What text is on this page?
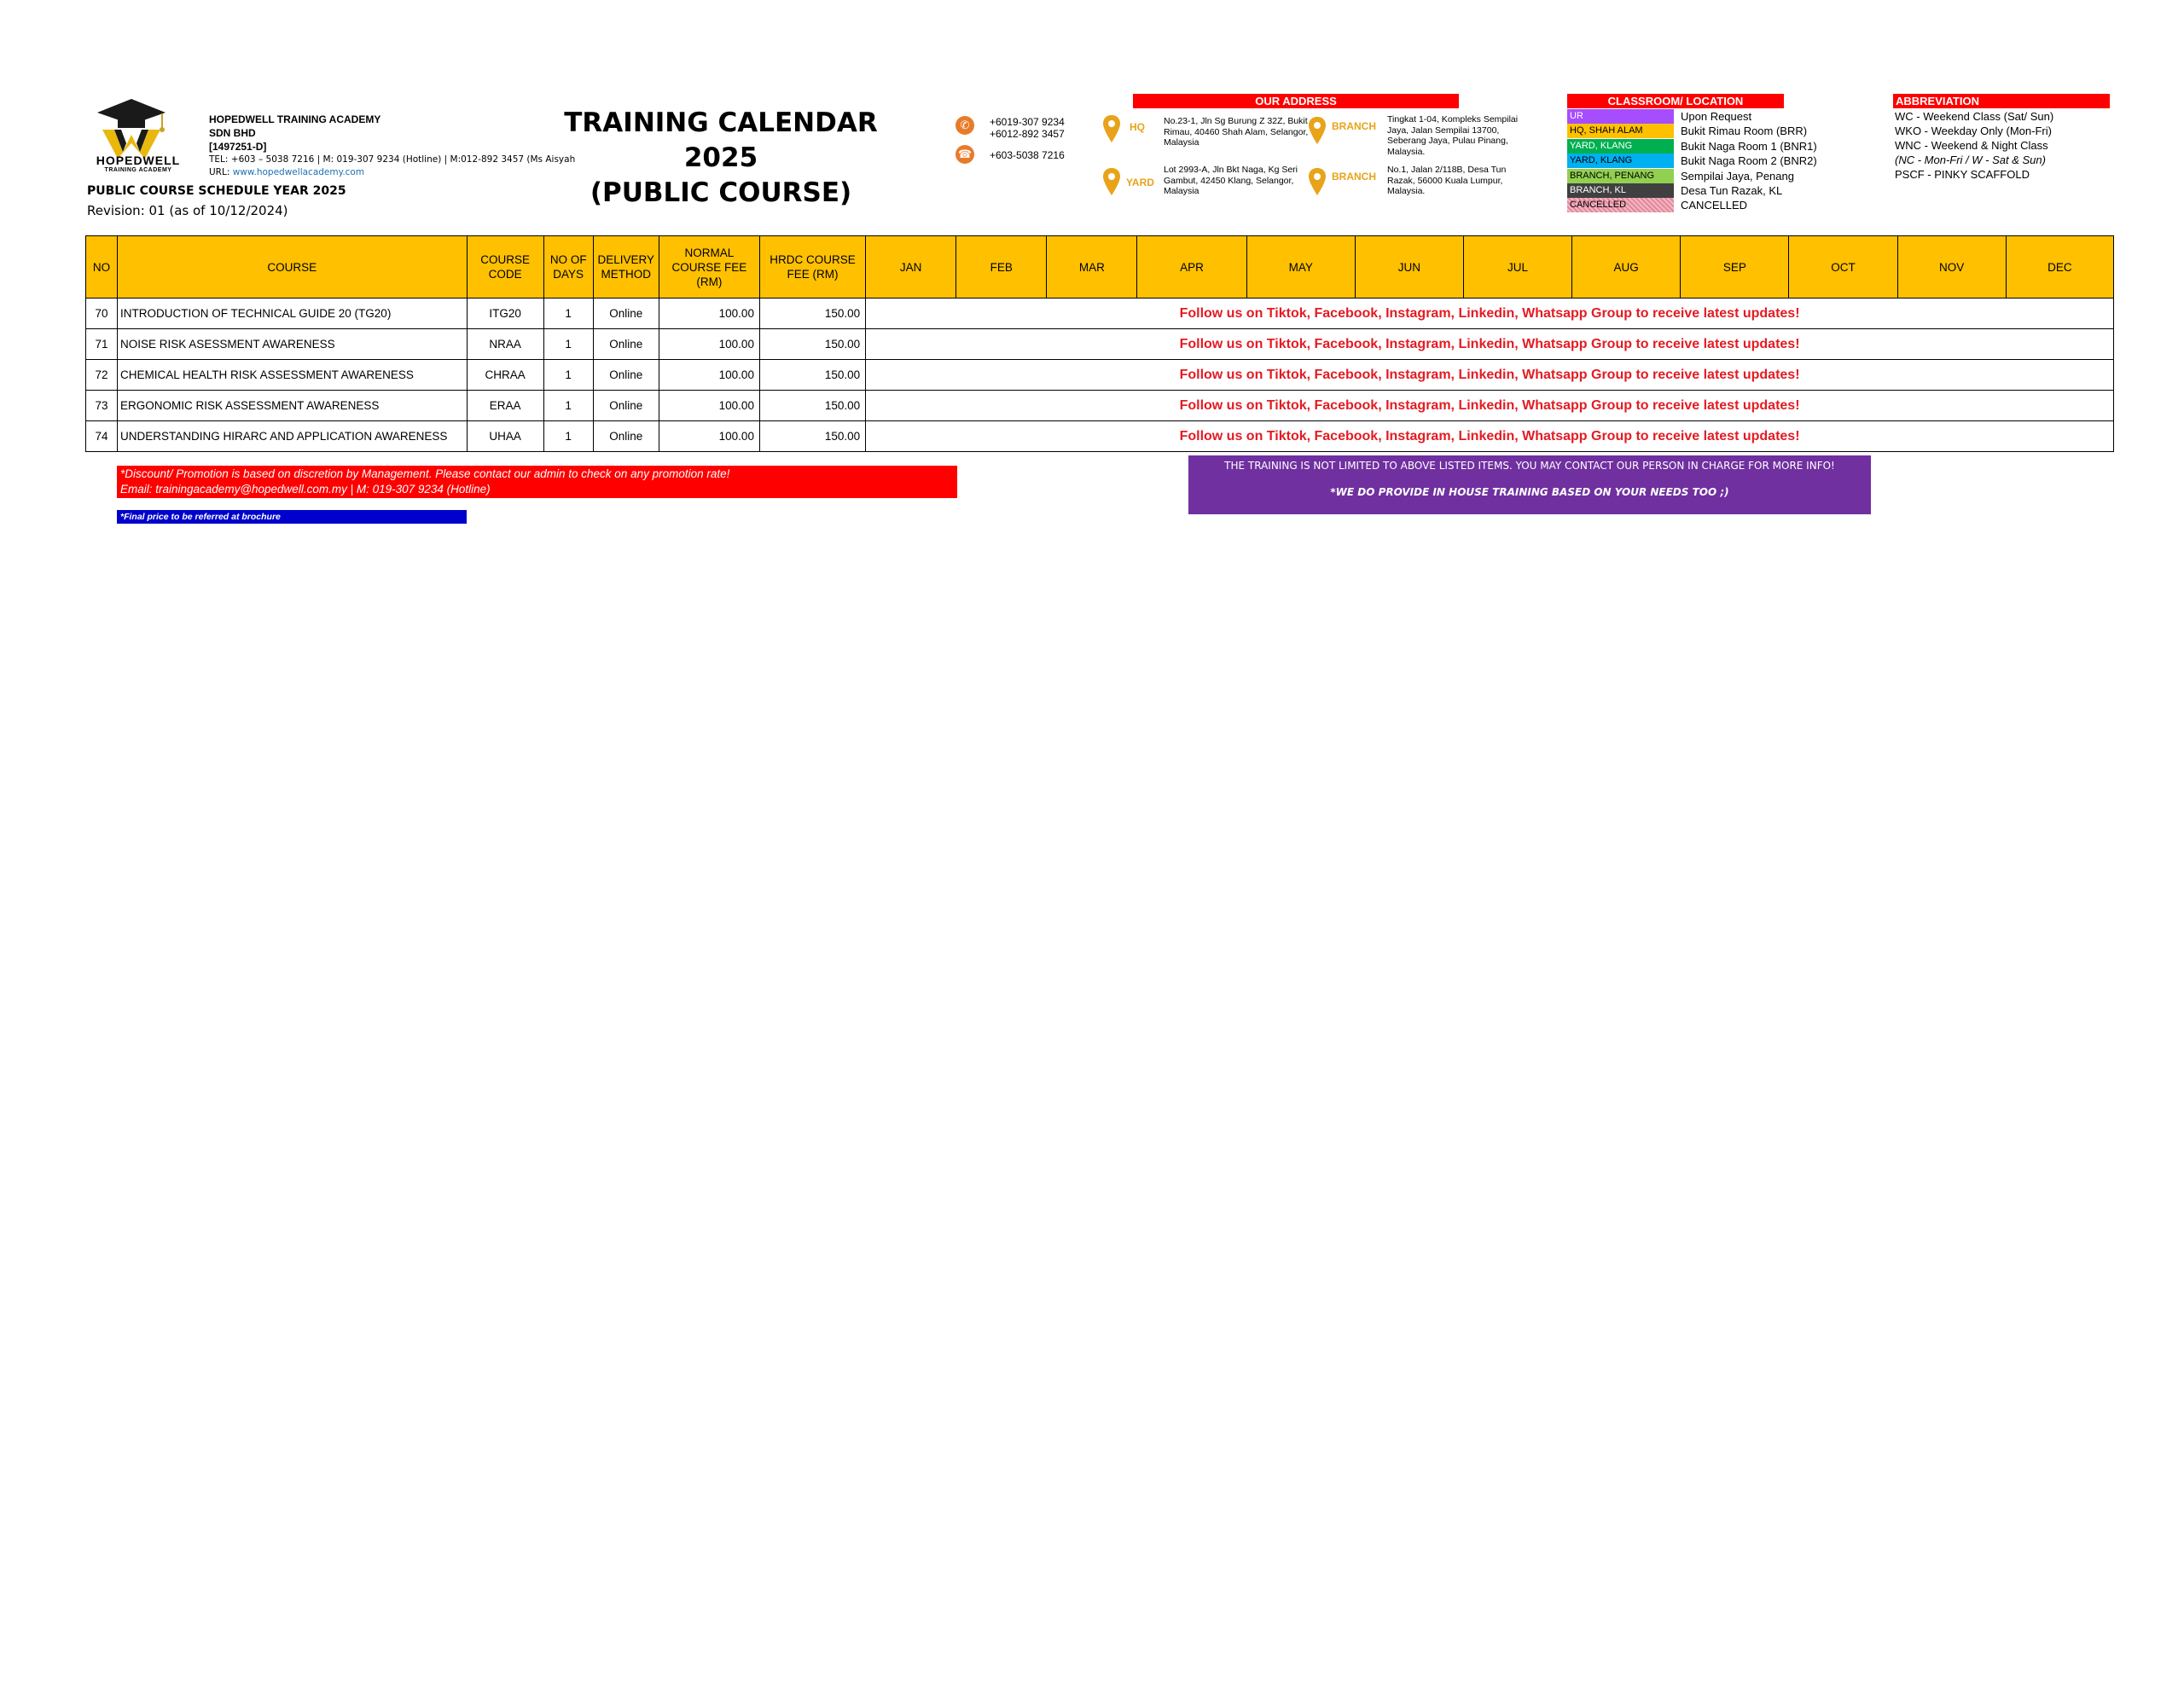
HOPEDWELL
TRAINING ACADEMY
HOPEDWELL TRAINING ACADEMY
SDN BHD
[1497251-D]
TEL: +603 – 5038 7216 | M: 019-307 9234 (Hotline) | M:012-892 3457 (Ms Aisyah
URL: www.hopedwellacademy.com
PUBLIC COURSE SCHEDULE YEAR 2025
Revision: 01 (as of 10/12/2024)
TRAINING CALENDAR
2025
(PUBLIC COURSE)
✆	+6019-307 9234
+6012-892 3457
☎ +603-5038 7216
OUR ADDRESS
HQ No.23-1, Jln Sg Burung Z 32Z, Bukit Rimau, 40460 Shah Alam, Selangor, Malaysia
YARD
Lot 2993-A, Jln Bkt Naga, Kg Seri Gambut, 42450 Klang, Selangor, Malaysia
BRANCH
Tingkat 1-04, Kompleks Sempilai Jaya, Jalan Sempilai 13700, Seberang Jaya, Pulau Pinang, Malaysia.
BRANCH
No.1, Jalan 2/118B, Desa Tun Razak, 56000 Kuala Lumpur, Malaysia.
CLASSROOM/ LOCATION
UR	Upon Request
HQ, SHAH ALAM	Bukit Rimau Room (BRR)
YARD, KLANG	Bukit Naga Room 1 (BNR1)
YARD, KLANG	Bukit Naga Room 2 (BNR2)
BRANCH, PENANG	Sempilai Jaya, Penang
BRANCH, KL	Desa Tun Razak, KL
CANCELLED	CANCELLED
ABBREVIATION
WC - Weekend Class (Sat/ Sun)
WKO - Weekday Only (Mon-Fri)
WNC - Weekend & Night Class
(NC - Mon-Fri / W - Sat & Sun)
PSCF - PINKY SCAFFOLD
NO	COURSE	COURSE CODE	NO OF DAYS	DELIVERY METHOD	NORMAL COURSE FEE (RM)	HRDC COURSE FEE (RM)	JAN	FEB	MAR	APR	MAY	JUN	JUL	AUG	SEP	OCT	NOV	DEC
70	INTRODUCTION OF TECHNICAL GUIDE 20 (TG20)	ITG20	1	Online	100.00	150.00	Follow us on Tiktok, Facebook, Instagram, Linkedin, Whatsapp Group to receive latest updates!											
71	NOISE RISK ASESSMENT AWARENESS	NRAA	1	Online	100.00	150.00	Follow us on Tiktok, Facebook, Instagram, Linkedin, Whatsapp Group to receive latest updates!											
72	CHEMICAL HEALTH RISK ASSESSMENT AWARENESS	CHRAA	1	Online	100.00	150.00	Follow us on Tiktok, Facebook, Instagram, Linkedin, Whatsapp Group to receive latest updates!											
73	ERGONOMIC RISK ASSESSMENT AWARENESS	ERAA	1	Online	100.00	150.00	Follow us on Tiktok, Facebook, Instagram, Linkedin, Whatsapp Group to receive latest updates!											
74	UNDERSTANDING HIRARC AND APPLICATION AWARENESS	UHAA	1	Online	100.00	150.00	Follow us on Tiktok, Facebook, Instagram, Linkedin, Whatsapp Group to receive latest updates!											
*Discount/ Promotion is based on discretion by Management. Please contact our admin to check on any promotion rate!
Email: trainingacademy@hopedwell.com.my | M: 019-307 9234 (Hotline)
*Final price to be referred at brochure
THE TRAINING IS NOT LIMITED TO ABOVE LISTED ITEMS. YOU MAY CONTACT OUR PERSON IN CHARGE FOR MORE INFO!
*WE DO PROVIDE IN HOUSE TRAINING BASED ON YOUR NEEDS TOO ;)
